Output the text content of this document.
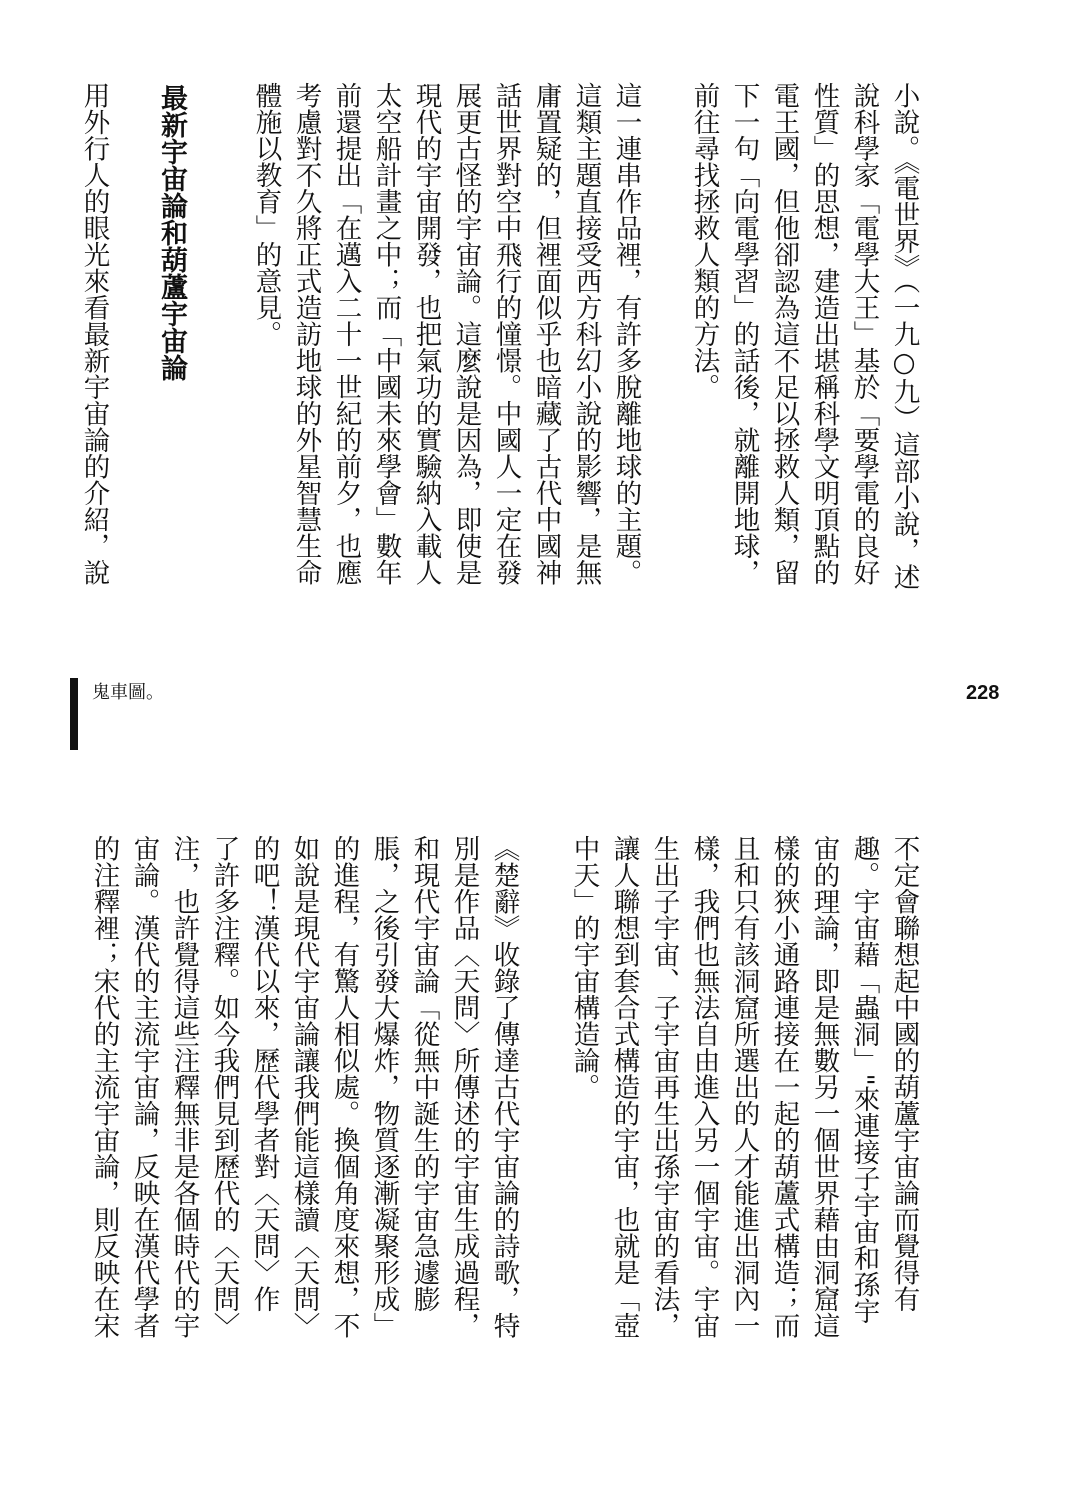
鬼車圖。	228
小說。《電世界》（一九○九）這部小說，述
說科學家「電學大王」基於「要學電的良好
性質」的思想，建造出堪稱科學文明頂點的
電王國，但他卻認為這不足以拯救人類，留
下一句「向電學習」的話後，就離開地球，
前往尋找拯救人類的方法。
這一連串作品裡，有許多脫離地球的主題。
這類主題直接受西方科幻小說的影響，是無
庸置疑的，但裡面似乎也暗藏了古代中國神
話世界對空中飛行的憧憬。中國人一定在發
展更古怪的宇宙論。這麼說是因為，即使是
現代的宇宙開發，也把氣功的實驗納入載人
太空船計畫之中；而「中國未來學會」數年
前還提出「在邁入二十一世紀的前夕，也應
考慮對不久將正式造訪地球的外星智慧生命
體施以教育」的意見。
最新宇宙論和葫蘆宇宙論
用外行人的眼光來看最新宇宙論的介紹，說
不定會聯想起中國的葫蘆宇宙論而覺得有
趣。宇宙藉「蟲洞」"來連接子宇宙和孫宇
宙的理論，即是無數另一個世界藉由洞窟這
樣的狹小通路連接在一起的葫蘆式構造；而
且和只有該洞窟所選出的人才能進出洞內一
樣，我們也無法自由進入另一個宇宙。宇宙
生出子宇宙、子宇宙再生出孫宇宙的看法，
讓人聯想到套合式構造的宇宙，也就是「壺
中天」的宇宙構造論。
《楚辭》收錄了傳達古代宇宙論的詩歌，特
別是作品〈天問〉所傳述的宇宙生成過程，
和現代宇宙論「從無中誕生的宇宙急遽膨
脹，之後引發大爆炸，物質逐漸凝聚形成」
的進程，有驚人相似處。換個角度來想，不
如說是現代宇宙論讓我們能這樣讀〈天問〉
的吧！漢代以來，歷代學者對〈天問〉作
了許多注釋。如今我們見到歷代的〈天問〉
注，也許覺得這些注釋無非是各個時代的宇
宙論。漢代的主流宇宙論，反映在漢代學者
的注釋裡；宋代的主流宇宙論，則反映在宋
